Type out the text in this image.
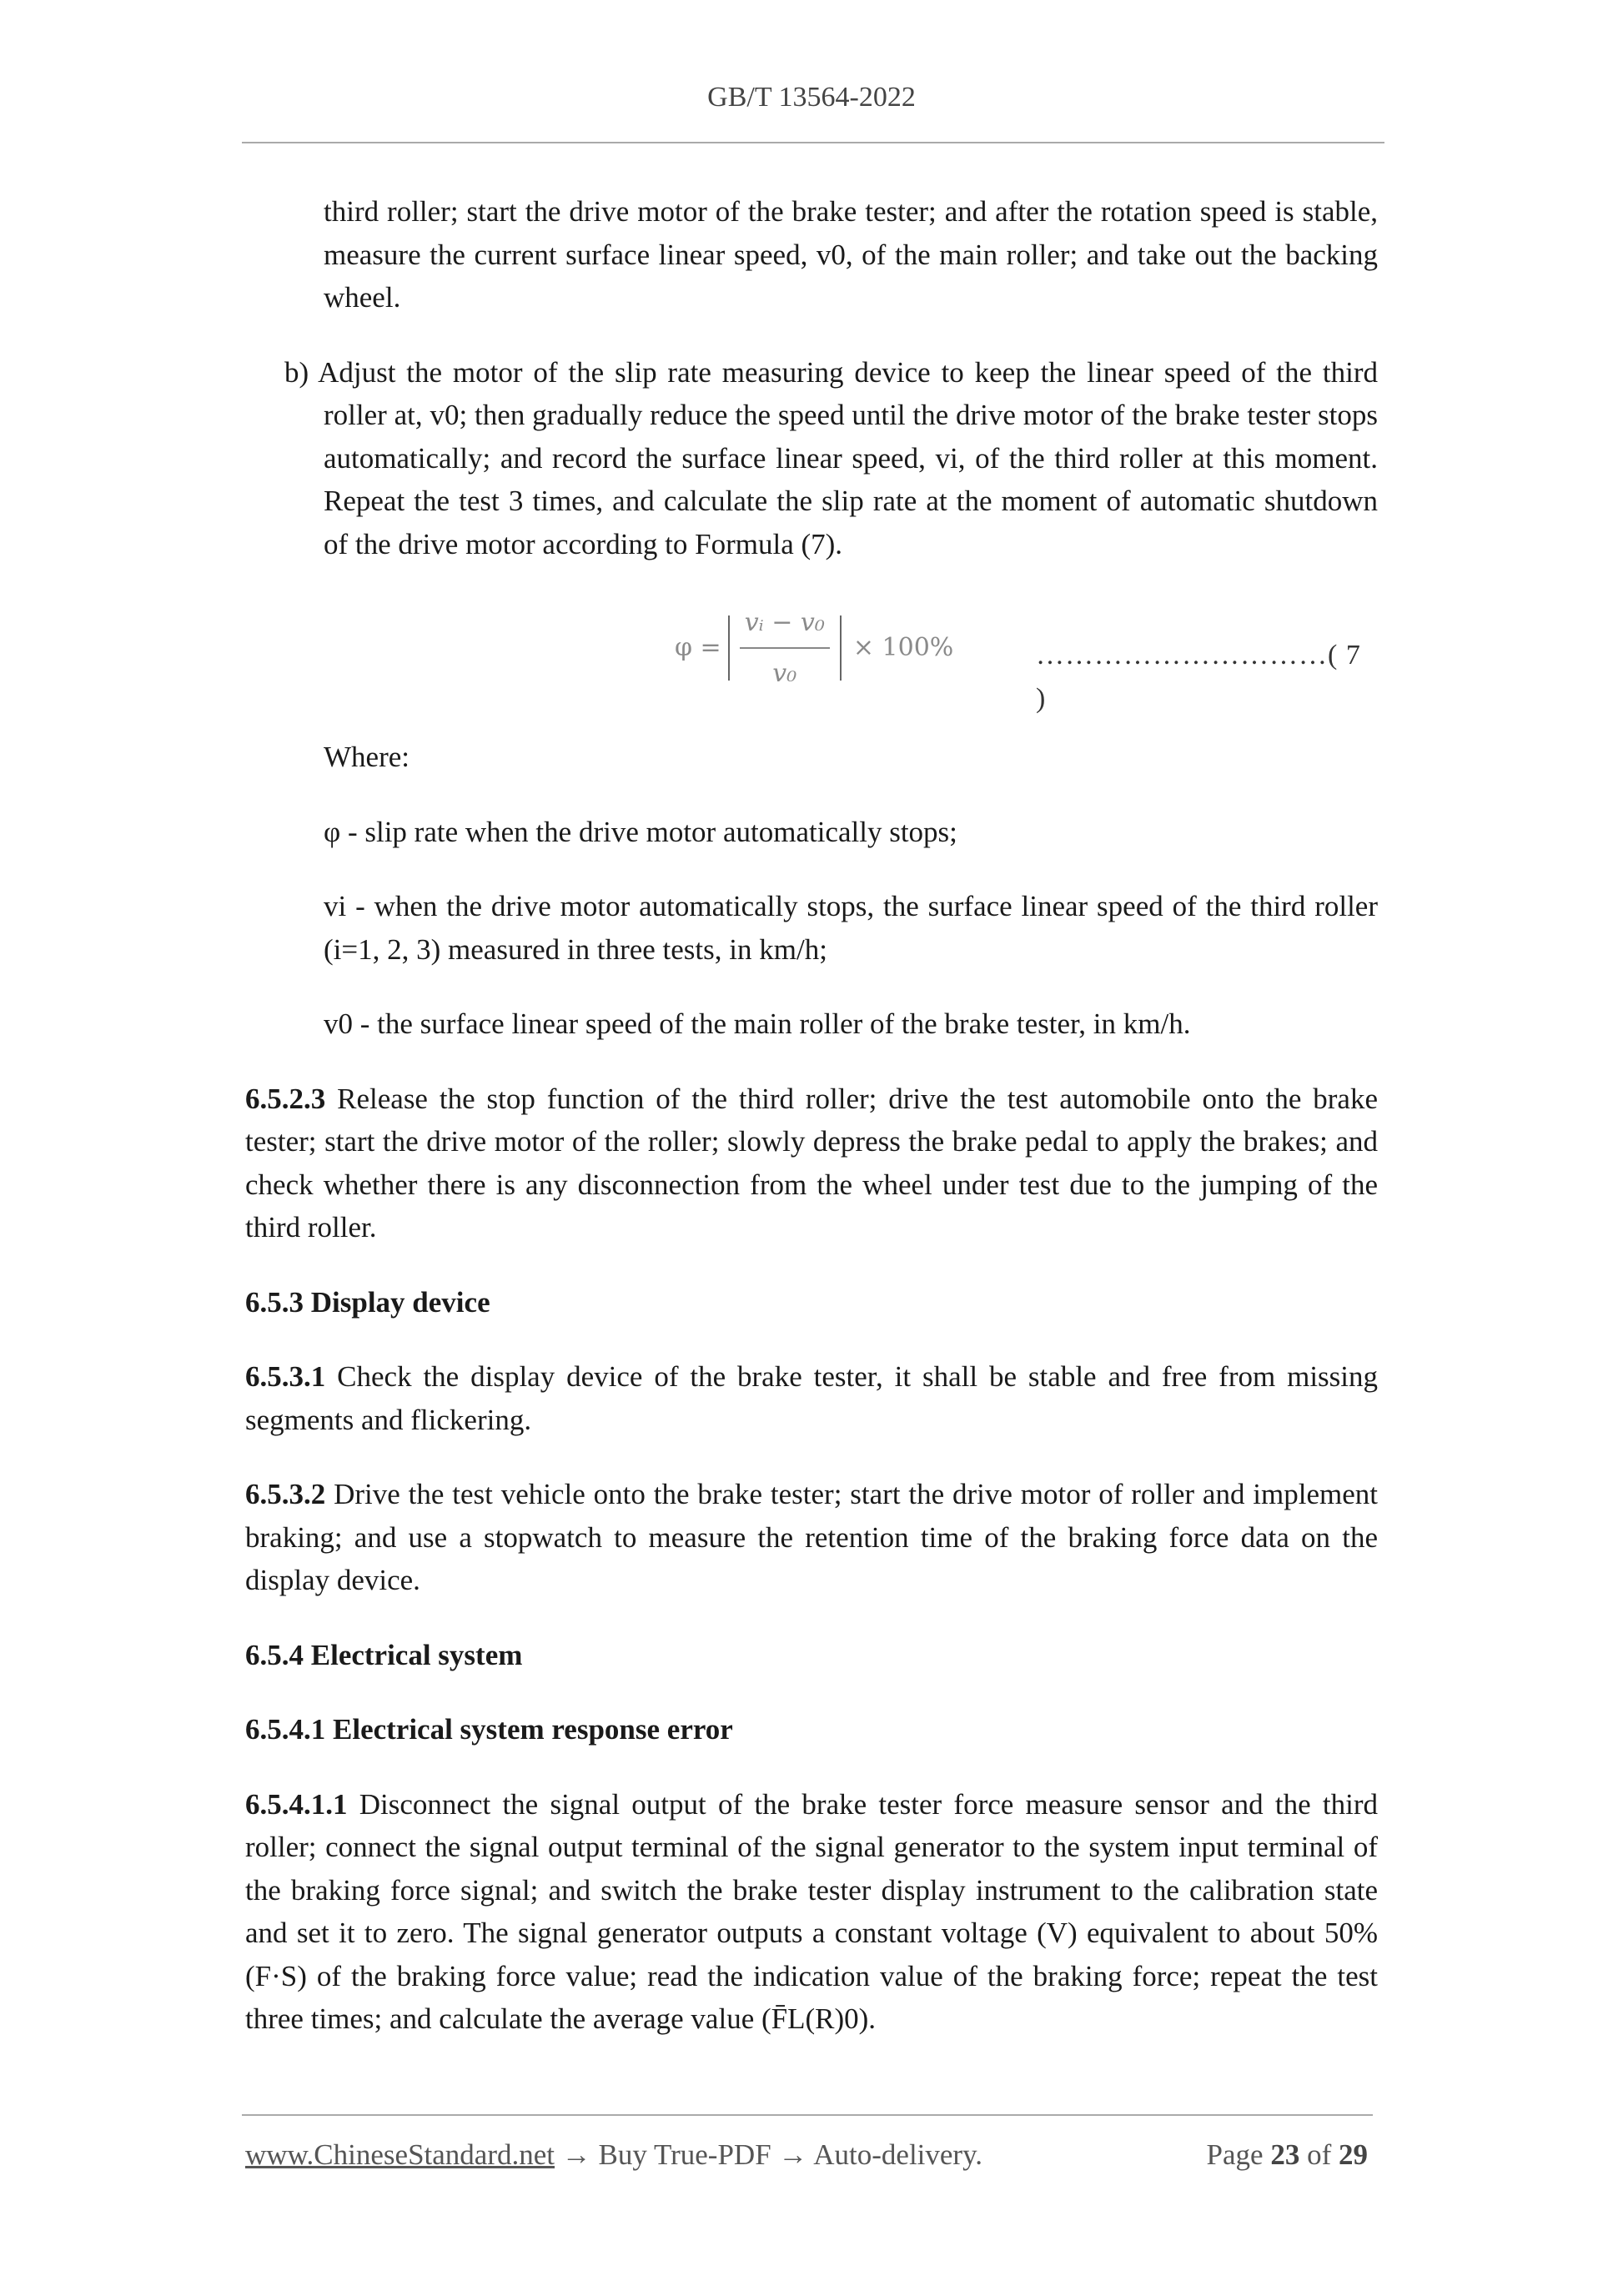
GB/T 13564-2022

third roller; start the drive motor of the brake tester; and after the rotation speed is stable, measure the current surface linear speed, v0, of the main roller; and take out the backing wheel.

b) Adjust the motor of the slip rate measuring device to keep the linear speed of the third roller at, v0; then gradually reduce the speed until the drive motor of the brake tester stops automatically; and record the surface linear speed, vi, of the third roller at this moment. Repeat the test 3 times, and calculate the slip rate at the moment of automatic shutdown of the drive motor according to Formula (7).

$\varphi = \frac{\text{vᵢ − v₀}}{\text{v₀}} \times 100\%$	…………………………( 7 )

Where:

φ - slip rate when the drive motor automatically stops;

vi - when the drive motor automatically stops, the surface linear speed of the third roller (i=1, 2, 3) measured in three tests, in km/h;

v0 - the surface linear speed of the main roller of the brake tester, in km/h.

6.5.2.3 Release the stop function of the third roller; drive the test automobile onto the brake tester; start the drive motor of the roller; slowly depress the brake pedal to apply the brakes; and check whether there is any disconnection from the wheel under test due to the jumping of the third roller.

6.5.3 Display device

6.5.3.1 Check the display device of the brake tester, it shall be stable and free from missing segments and flickering.

6.5.3.2 Drive the test vehicle onto the brake tester; start the drive motor of roller and implement braking; and use a stopwatch to measure the retention time of the braking force data on the display device.

6.5.4 Electrical system

6.5.4.1 Electrical system response error

6.5.4.1.1 Disconnect the signal output of the brake tester force measure sensor and the third roller; connect the signal output terminal of the signal generator to the system input terminal of the braking force signal; and switch the brake tester display instrument to the calibration state and set it to zero. The signal generator outputs a constant voltage (V) equivalent to about 50% (F·S) of the braking force value; read the indication value of the braking force; repeat the test three times; and calculate the average value (F̄L(R)0).

www.ChineseStandard.net → Buy True-PDF → Auto-delivery.	Page 23 of 29
